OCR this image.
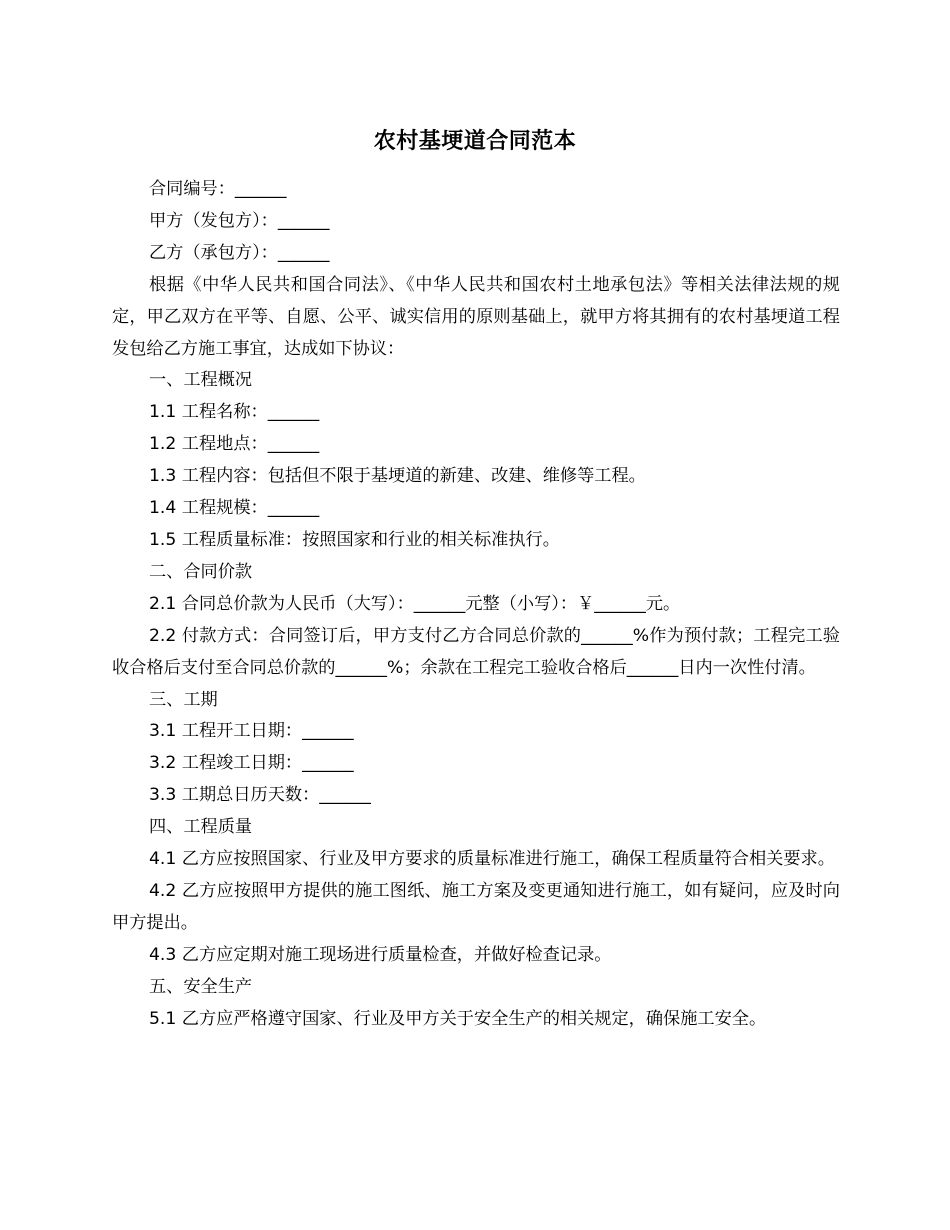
农村基埂道合同范本

合同编号：______

甲方（发包方）：______

乙方（承包方）：______

根据《中华人民共和国合同法》、《中华人民共和国农村土地承包法》等相关法律法规的规定，甲乙双方在平等、自愿、公平、诚实信用的原则基础上，就甲方将其拥有的农村基埂道工程发包给乙方施工事宜，达成如下协议：

一、工程概况

1.1 工程名称：______

1.2 工程地点：______

1.3 工程内容：包括但不限于基埂道的新建、改建、维修等工程。

1.4 工程规模：______

1.5 工程质量标准：按照国家和行业的相关标准执行。

二、合同价款

2.1 合同总价款为人民币（大写）：______元整（小写）：￥______元。

2.2 付款方式：合同签订后，甲方支付乙方合同总价款的______%作为预付款；工程完工验收合格后支付至合同总价款的______%；余款在工程完工验收合格后______日内一次性付清。

三、工期

3.1 工程开工日期：______

3.2 工程竣工日期：______

3.3 工期总日历天数：______

四、工程质量

4.1 乙方应按照国家、行业及甲方要求的质量标准进行施工，确保工程质量符合相关要求。

4.2 乙方应按照甲方提供的施工图纸、施工方案及变更通知进行施工，如有疑问，应及时向甲方提出。

4.3 乙方应定期对施工现场进行质量检查，并做好检查记录。

五、安全生产

5.1 乙方应严格遵守国家、行业及甲方关于安全生产的相关规定，确保施工安全。
